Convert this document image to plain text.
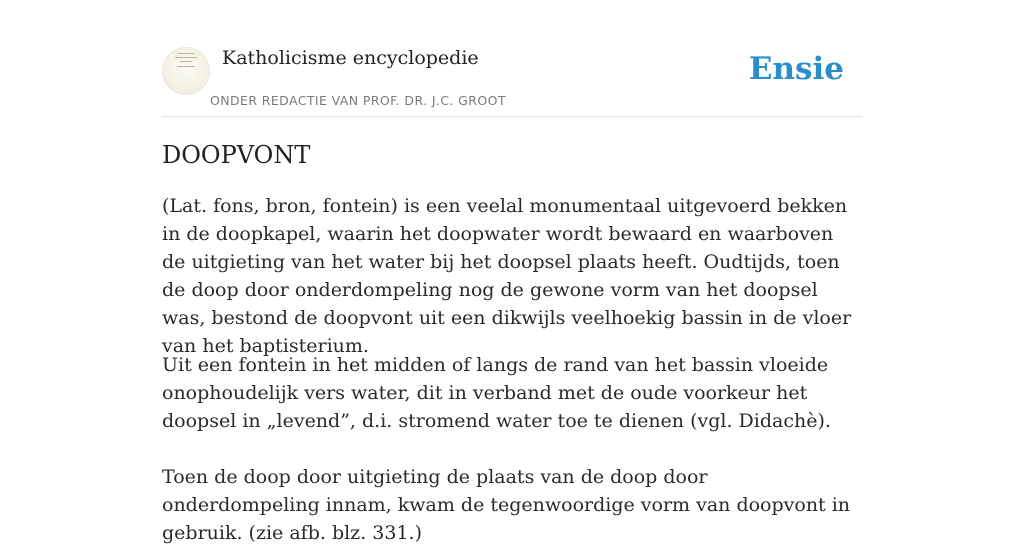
Katholicisme encyclopedie
ONDER REDACTIE VAN PROF. DR. J.C. GROOT
Ensie
DOOPVONT

(Lat. fons, bron, fontein) is een veelal monumentaal uitgevoerd bekken in de doopkapel, waarin het doopwater wordt bewaard en waarboven de uitgieting van het water bij het doopsel plaats heeft. Oudtijds, toen de doop door onderdompeling nog de gewone vorm van het doopsel was, bestond de doopvont uit een dikwijls veelhoekig bassin in de vloer van het baptisterium.

Uit een fontein in het midden of langs de rand van het bassin vloeide onophoudelijk vers water, dit in verband met de oude voorkeur het doopsel in „levend”, d.i. stromend water toe te dienen (vgl. Didachè).

Toen de doop door uitgieting de plaats van de doop door onderdompeling innam, kwam de tegenwoordige vorm van doopvont in gebruik. (zie afb. blz. 331.)
